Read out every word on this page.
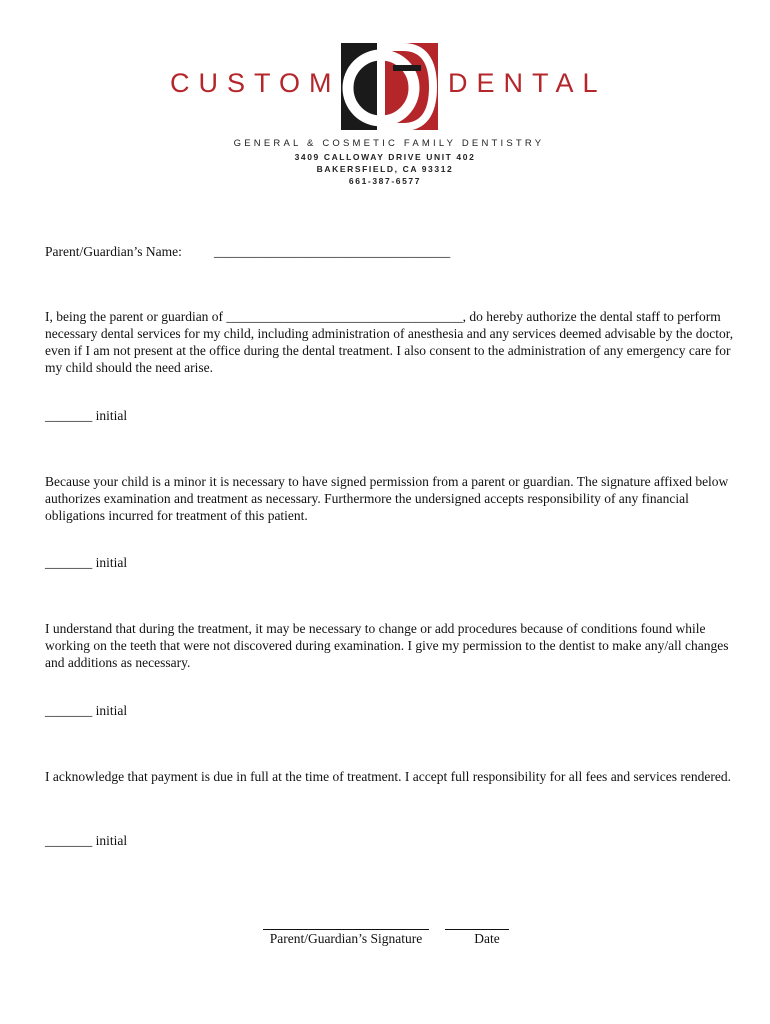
CUSTOM	DENTAL
GENERAL & COSMETIC FAMILY DENTISTRY
3409 CALLOWAY DRIVE UNIT 402
BAKERSFIELD, CA 93312
661-387-6577
Parent/Guardian’s Name: ___________________________________
I, being the parent or guardian of ___________________________________, do hereby authorize the dental staff to perform necessary dental services for my child, including administration of anesthesia and any services deemed advisable by the doctor, even if I am not present at the office during the dental treatment. I also consent to the administration of any emergency care for my child should the need arise.
_______ initial
Because your child is a minor it is necessary to have signed permission from a parent or guardian. The signature affixed below authorizes examination and treatment as necessary. Furthermore the undersigned accepts responsibility of any financial obligations incurred for treatment of this patient.
_______ initial
I understand that during the treatment, it may be necessary to change or add procedures because of conditions found while working on the teeth that were not discovered during examination. I give my permission to the dentist to make any/all changes and additions as necessary.
_______ initial
I acknowledge that payment is due in full at the time of treatment. I accept full responsibility for all fees and services rendered.
_______ initial
Parent/Guardian’s Signature	Date
